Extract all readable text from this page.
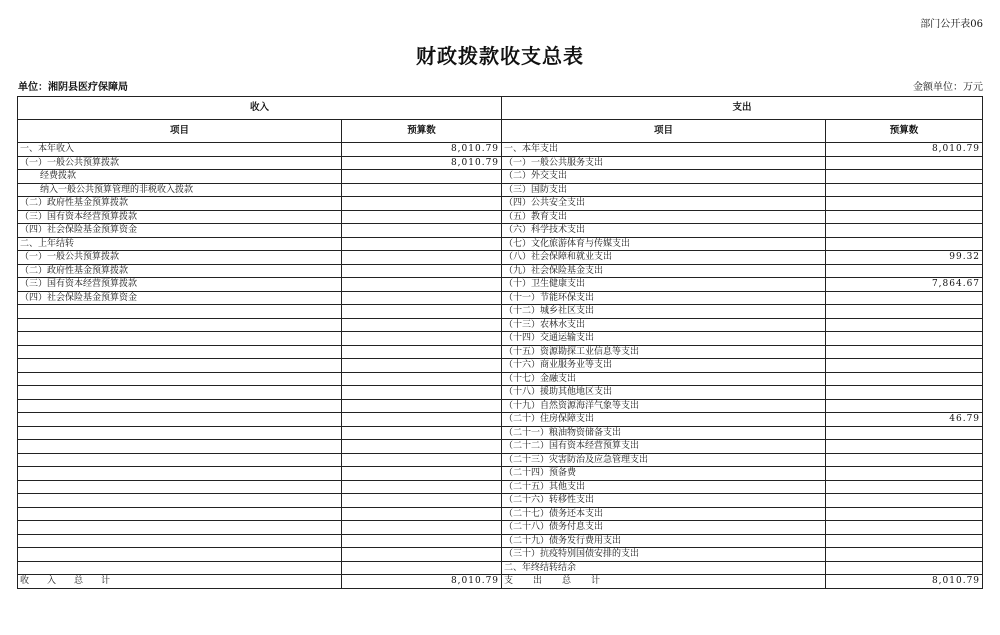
部门公开表06
财政拨款收支总表
单位：湘阴县医疗保障局	金额单位：万元
收入		支出	
项目	预算数	项目	预算数
一、本年收入	8,010.79	一、本年支出	8,010.79
（一）一般公共预算拨款	8,010.79	（一）一般公共服务支出	
经费拨款		（二）外交支出	
纳入一般公共预算管理的非税收入拨款		（三）国防支出	
（二）政府性基金预算拨款		（四）公共安全支出	
（三）国有资本经营预算拨款		（五）教育支出	
（四）社会保险基金预算资金		（六）科学技术支出	
二、上年结转		（七）文化旅游体育与传媒支出	
（一）一般公共预算拨款		（八）社会保障和就业支出	99.32
（二）政府性基金预算拨款		（九）社会保险基金支出	
（三）国有资本经营预算拨款		（十）卫生健康支出	7,864.67
（四）社会保险基金预算资金		（十一）节能环保支出	
		（十二）城乡社区支出	
		（十三）农林水支出	
		（十四）交通运输支出	
		（十五）资源勘探工业信息等支出	
		（十六）商业服务业等支出	
		（十七）金融支出	
		（十八）援助其他地区支出	
		（十九）自然资源海洋气象等支出	
		（二十）住房保障支出	46.79
		（二十一）粮油物资储备支出	
		（二十二）国有资本经营预算支出	
		（二十三）灾害防治及应急管理支出	
		（二十四）预备费	
		（二十五）其他支出	
		（二十六）转移性支出	
		（二十七）债务还本支出	
		（二十八）债务付息支出	
		（二十九）债务发行费用支出	
		（三十）抗疫特别国债安排的支出	
		二、年终结转结余	
收入总计	8,010.79	支出总计	8,010.79
